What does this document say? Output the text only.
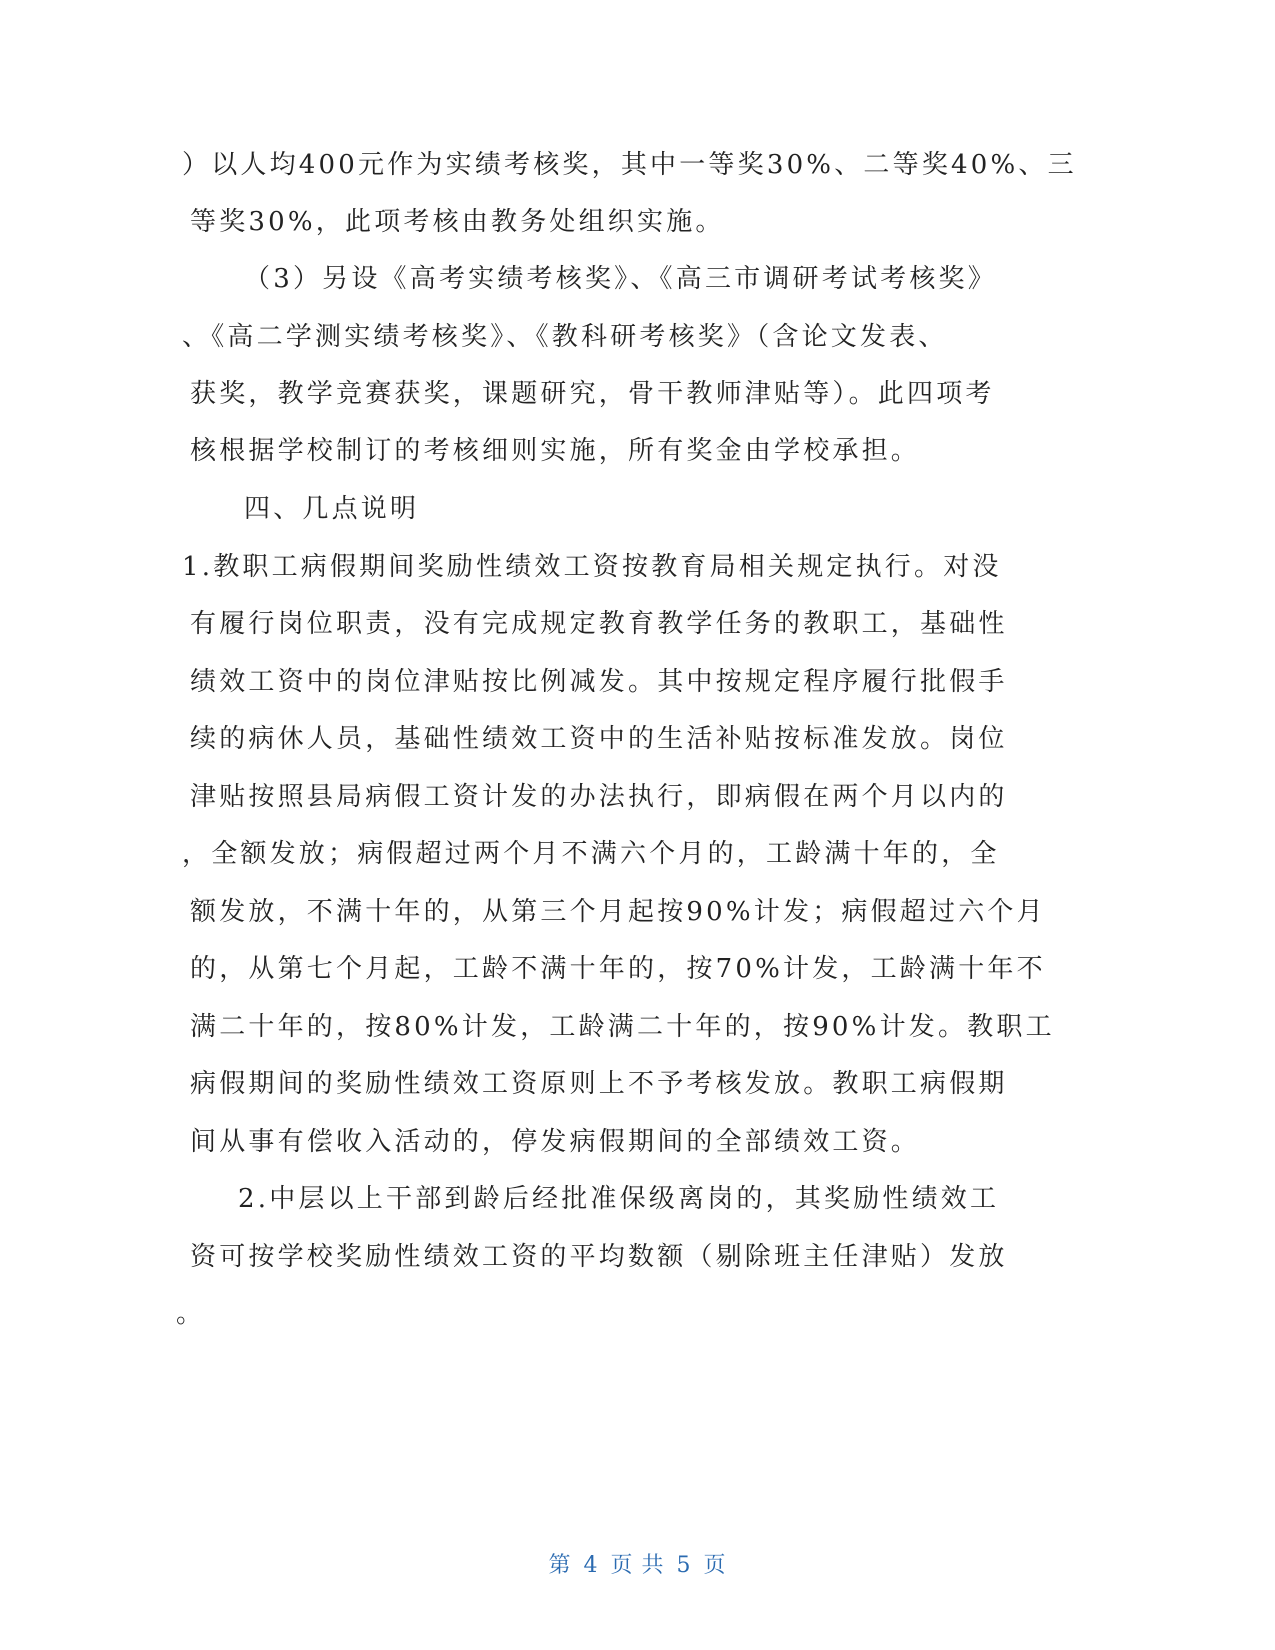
）以人均400元作为实绩考核奖，其中一等奖30%、二等奖40%、三
等奖30%，此项考核由教务处组织实施。
（3）另设《高考实绩考核奖》、《高三市调研考试考核奖》
、《高二学测实绩考核奖》、《教科研考核奖》（含论文发表、
获奖，教学竞赛获奖，课题研究，骨干教师津贴等）。此四项考
核根据学校制订的考核细则实施，所有奖金由学校承担。
四、几点说明
1.教职工病假期间奖励性绩效工资按教育局相关规定执行。对没
有履行岗位职责，没有完成规定教育教学任务的教职工，基础性
绩效工资中的岗位津贴按比例减发。其中按规定程序履行批假手
续的病休人员，基础性绩效工资中的生活补贴按标准发放。岗位
津贴按照县局病假工资计发的办法执行，即病假在两个月以内的
，全额发放；病假超过两个月不满六个月的，工龄满十年的，全
额发放，不满十年的，从第三个月起按90%计发；病假超过六个月
的，从第七个月起，工龄不满十年的，按70%计发，工龄满十年不
满二十年的，按80%计发，工龄满二十年的，按90%计发。教职工
病假期间的奖励性绩效工资原则上不予考核发放。教职工病假期
间从事有偿收入活动的，停发病假期间的全部绩效工资。
2.中层以上干部到龄后经批准保级离岗的，其奖励性绩效工
资可按学校奖励性绩效工资的平均数额（剔除班主任津贴）发放
。
第 4 页 共 5 页
